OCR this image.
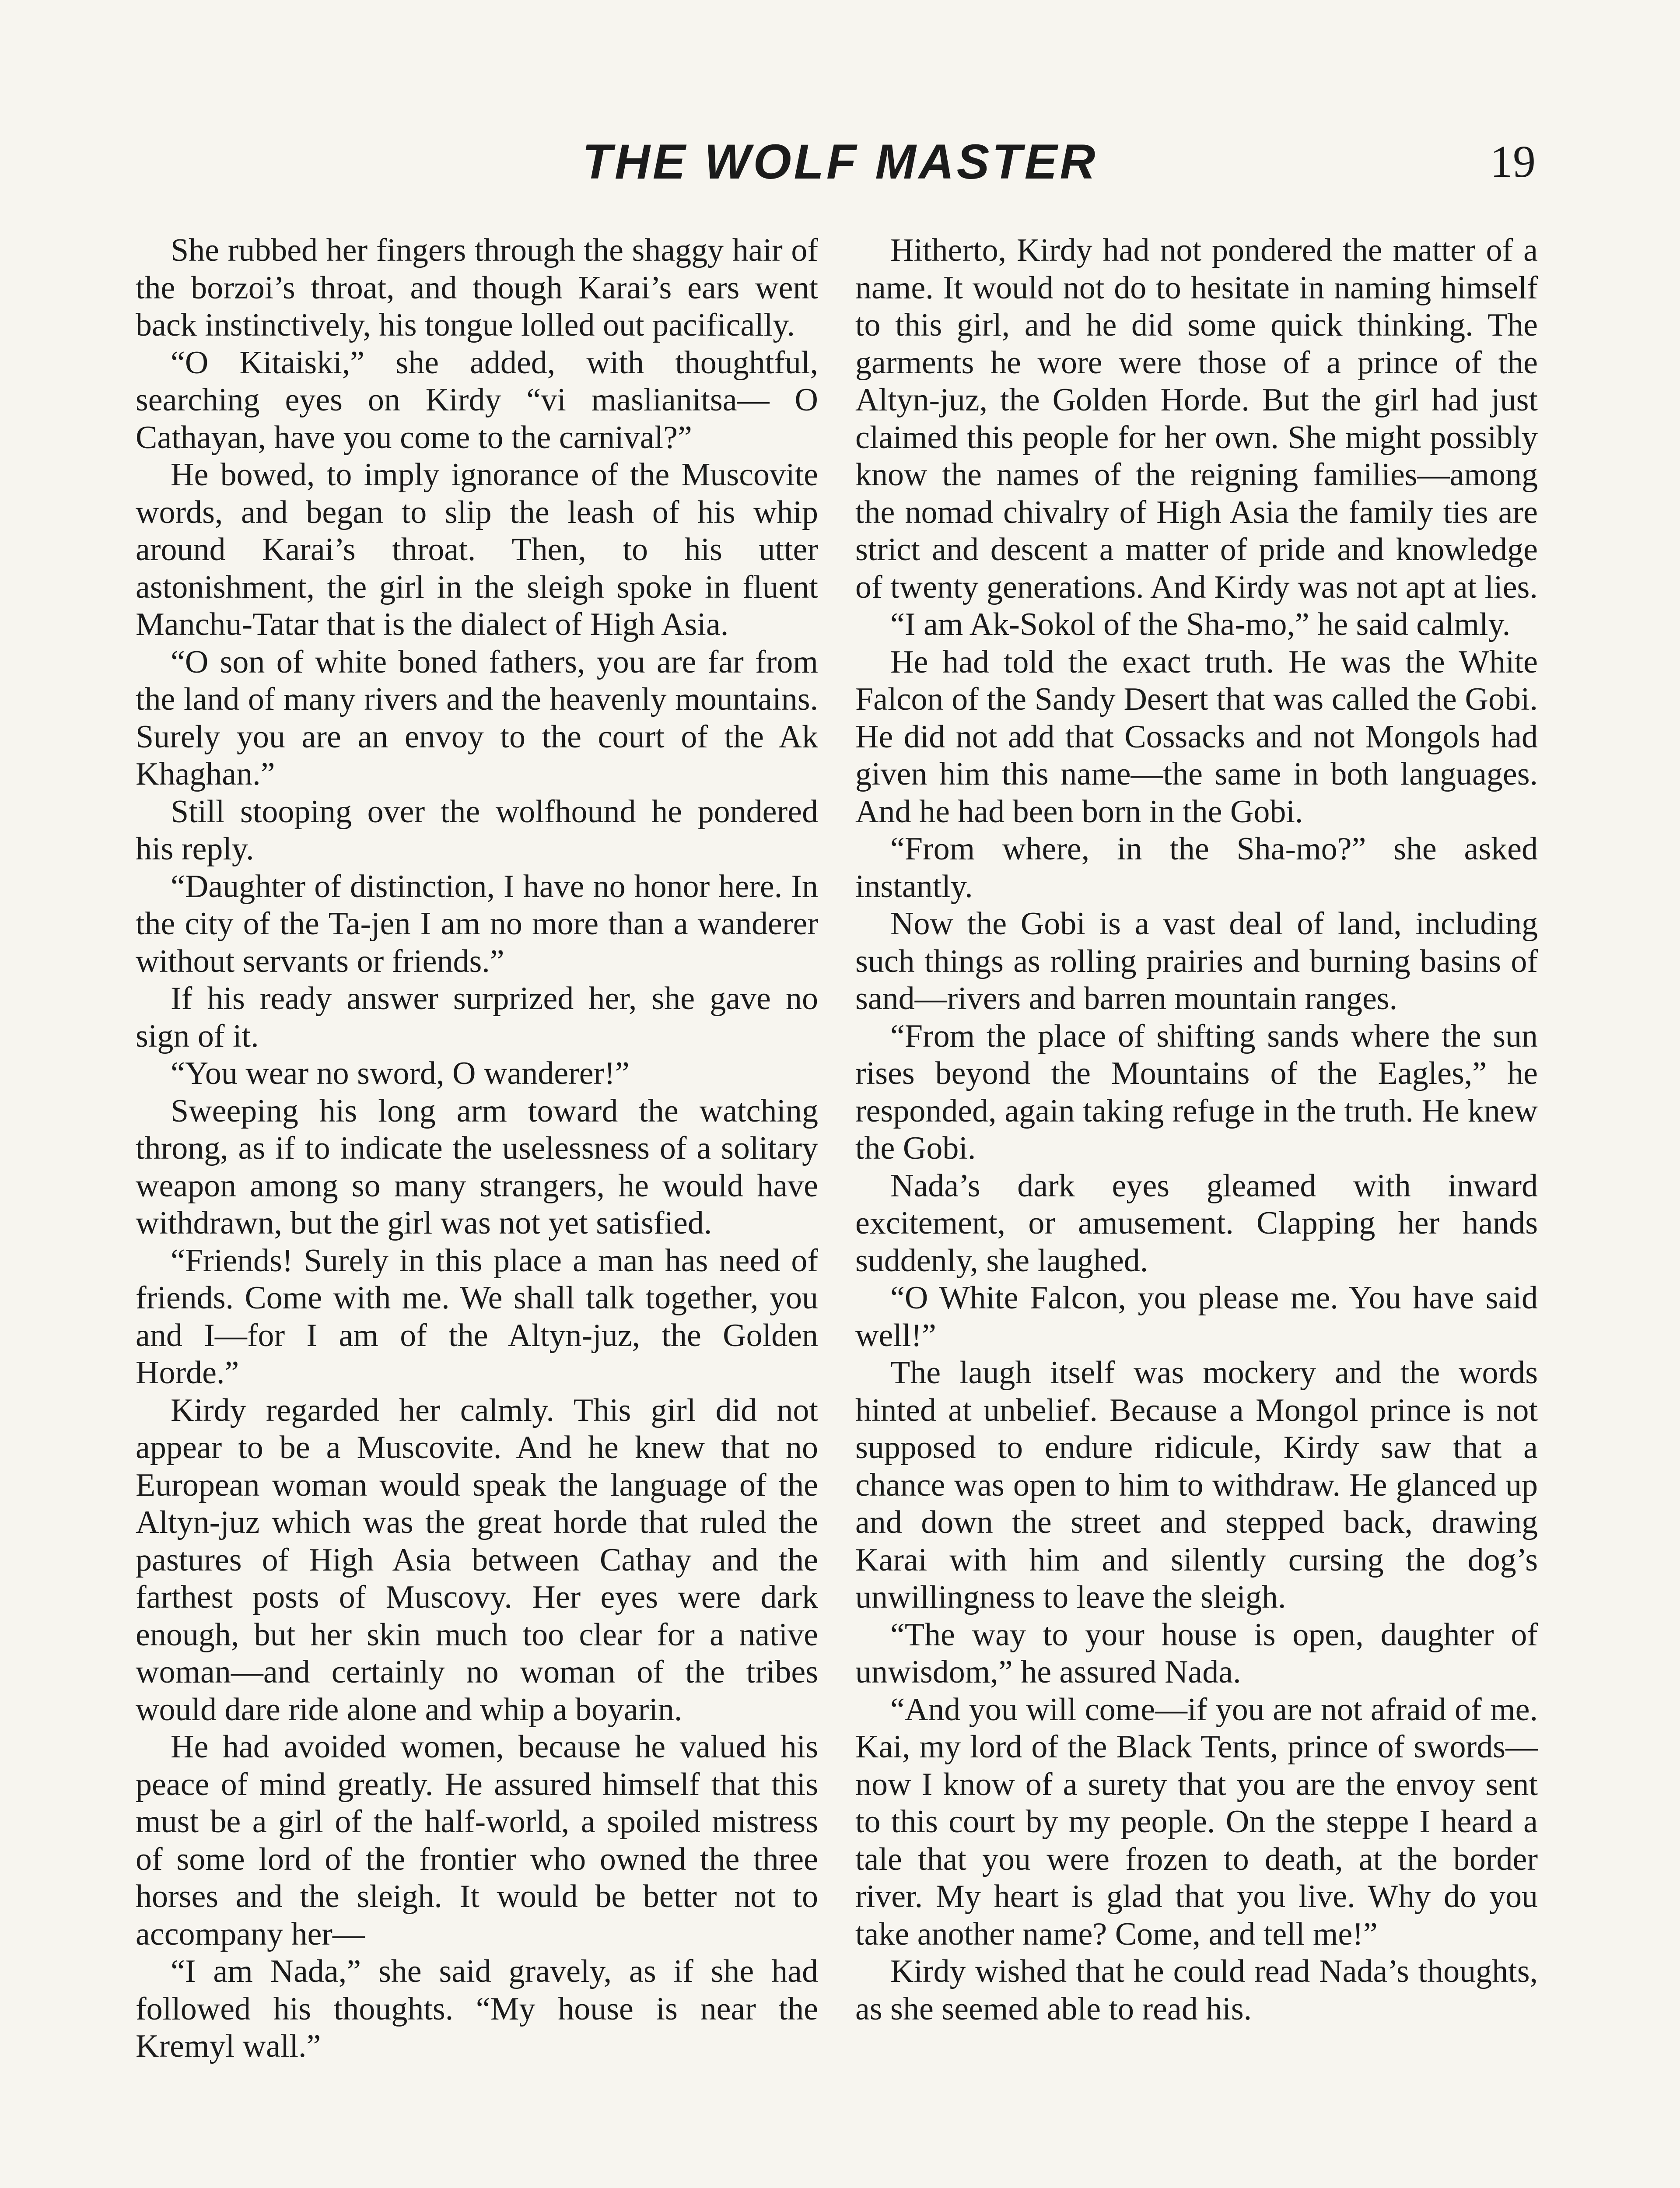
THE WOLF MASTER	19

She rubbed her fingers through the shaggy hair of the borzoi’s throat, and though Karai’s ears went back instinctively, his tongue lolled out pacifically.

“O Kitaiski,” she added, with thoughtful, searching eyes on Kirdy “vi maslianitsa— O Cathayan, have you come to the carnival?”

He bowed, to imply ignorance of the Muscovite words, and began to slip the leash of his whip around Karai’s throat. Then, to his utter astonishment, the girl in the sleigh spoke in fluent Manchu-Tatar that is the dialect of High Asia.

“O son of white boned fathers, you are far from the land of many rivers and the heavenly mountains. Surely you are an envoy to the court of the Ak Khaghan.”

Still stooping over the wolfhound he pondered his reply.

“Daughter of distinction, I have no honor here. In the city of the Ta-jen I am no more than a wanderer without servants or friends.”

If his ready answer surprized her, she gave no sign of it.

“You wear no sword, O wanderer!”

Sweeping his long arm toward the watching throng, as if to indicate the uselessness of a solitary weapon among so many strangers, he would have withdrawn, but the girl was not yet satisfied.

“Friends! Surely in this place a man has need of friends. Come with me. We shall talk together, you and I—for I am of the Altyn-juz, the Golden Horde.”

Kirdy regarded her calmly. This girl did not appear to be a Muscovite. And he knew that no European woman would speak the language of the Altyn-juz which was the great horde that ruled the pastures of High Asia between Cathay and the farthest posts of Muscovy. Her eyes were dark enough, but her skin much too clear for a native woman—and certainly no woman of the tribes would dare ride alone and whip a boyarin.

He had avoided women, because he valued his peace of mind greatly. He assured himself that this must be a girl of the half-world, a spoiled mistress of some lord of the frontier who owned the three horses and the sleigh. It would be better not to accompany her—

“I am Nada,” she said gravely, as if she had followed his thoughts. “My house is near the Kremyl wall.”

Hitherto, Kirdy had not pondered the matter of a name. It would not do to hesitate in naming himself to this girl, and he did some quick thinking. The garments he wore were those of a prince of the Altyn-juz, the Golden Horde. But the girl had just claimed this people for her own. She might possibly know the names of the reigning families—among the nomad chivalry of High Asia the family ties are strict and descent a matter of pride and knowledge of twenty generations. And Kirdy was not apt at lies.

“I am Ak-Sokol of the Sha-mo,” he said calmly.

He had told the exact truth. He was the White Falcon of the Sandy Desert that was called the Gobi. He did not add that Cossacks and not Mongols had given him this name—the same in both languages. And he had been born in the Gobi.

“From where, in the Sha-mo?” she asked instantly.

Now the Gobi is a vast deal of land, including such things as rolling prairies and burning basins of sand—rivers and barren mountain ranges.

“From the place of shifting sands where the sun rises beyond the Mountains of the Eagles,” he responded, again taking refuge in the truth. He knew the Gobi.

Nada’s dark eyes gleamed with inward excitement, or amusement. Clapping her hands suddenly, she laughed.

“O White Falcon, you please me. You have said well!”

The laugh itself was mockery and the words hinted at unbelief. Because a Mongol prince is not supposed to endure ridicule, Kirdy saw that a chance was open to him to withdraw. He glanced up and down the street and stepped back, drawing Karai with him and silently cursing the dog’s unwillingness to leave the sleigh.

“The way to your house is open, daughter of unwisdom,” he assured Nada.

“And you will come—if you are not afraid of me. Kai, my lord of the Black Tents, prince of swords—now I know of a surety that you are the envoy sent to this court by my people. On the steppe I heard a tale that you were frozen to death, at the border river. My heart is glad that you live. Why do you take another name? Come, and tell me!”

Kirdy wished that he could read Nada’s thoughts, as she seemed able to read his.
